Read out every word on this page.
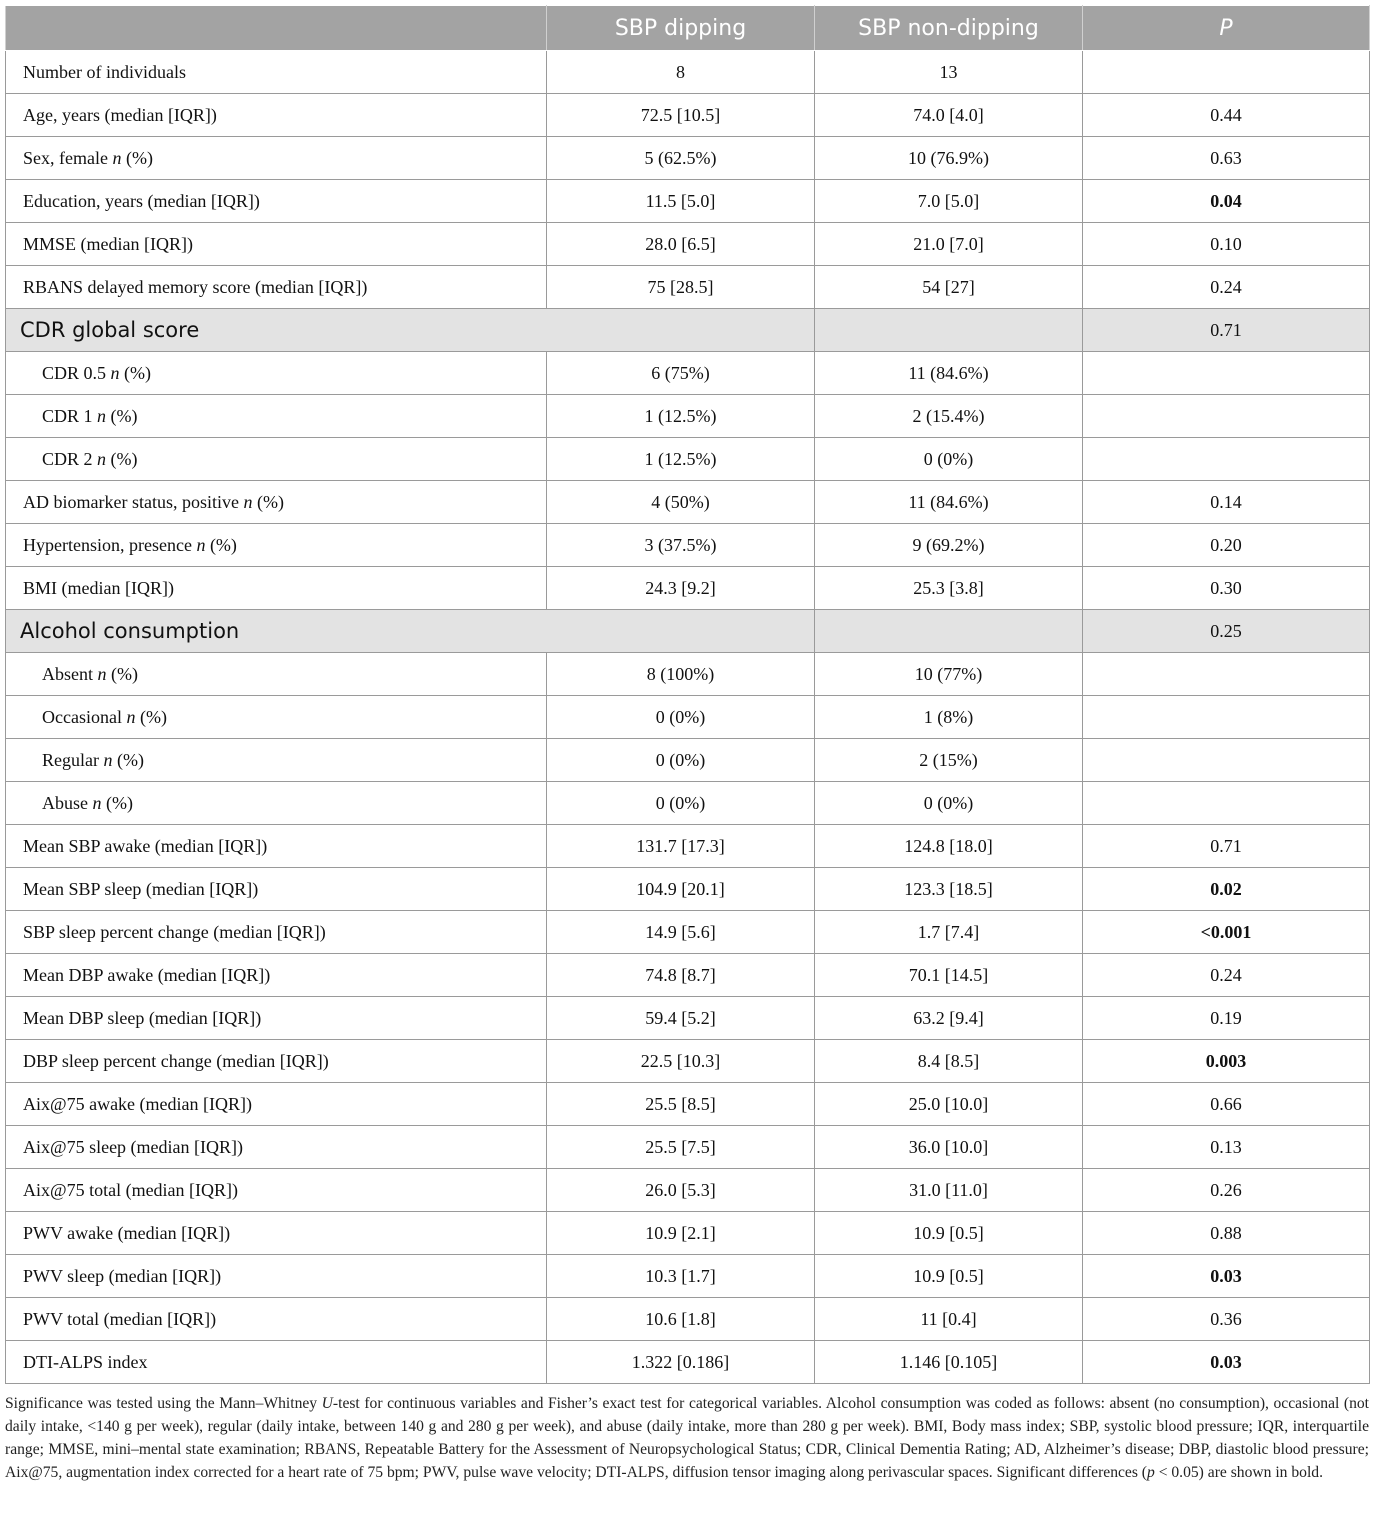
	SBP dipping	SBP non-dipping	P
Number of individuals	8	13	
Age, years (median [IQR])	72.5 [10.5]	74.0 [4.0]	0.44
Sex, female n (%)	5 (62.5%)	10 (76.9%)	0.63
Education, years (median [IQR])	11.5 [5.0]	7.0 [5.0]	0.04
MMSE (median [IQR])	28.0 [6.5]	21.0 [7.0]	0.10
RBANS delayed memory score (median [IQR])	75 [28.5]	54 [27]	0.24
CDR global score			0.71
CDR 0.5 n (%)	6 (75%)	11 (84.6%)	
CDR 1 n (%)	1 (12.5%)	2 (15.4%)	
CDR 2 n (%)	1 (12.5%)	0 (0%)	
AD biomarker status, positive n (%)	4 (50%)	11 (84.6%)	0.14
Hypertension, presence n (%)	3 (37.5%)	9 (69.2%)	0.20
BMI (median [IQR])	24.3 [9.2]	25.3 [3.8]	0.30
Alcohol consumption			0.25
Absent n (%)	8 (100%)	10 (77%)	
Occasional n (%)	0 (0%)	1 (8%)	
Regular n (%)	0 (0%)	2 (15%)	
Abuse n (%)	0 (0%)	0 (0%)	
Mean SBP awake (median [IQR])	131.7 [17.3]	124.8 [18.0]	0.71
Mean SBP sleep (median [IQR])	104.9 [20.1]	123.3 [18.5]	0.02
SBP sleep percent change (median [IQR])	14.9 [5.6]	1.7 [7.4]	<0.001
Mean DBP awake (median [IQR])	74.8 [8.7]	70.1 [14.5]	0.24
Mean DBP sleep (median [IQR])	59.4 [5.2]	63.2 [9.4]	0.19
DBP sleep percent change (median [IQR])	22.5 [10.3]	8.4 [8.5]	0.003
Aix@75 awake (median [IQR])	25.5 [8.5]	25.0 [10.0]	0.66
Aix@75 sleep (median [IQR])	25.5 [7.5]	36.0 [10.0]	0.13
Aix@75 total (median [IQR])	26.0 [5.3]	31.0 [11.0]	0.26
PWV awake (median [IQR])	10.9 [2.1]	10.9 [0.5]	0.88
PWV sleep (median [IQR])	10.3 [1.7]	10.9 [0.5]	0.03
PWV total (median [IQR])	10.6 [1.8]	11 [0.4]	0.36
DTI-ALPS index	1.322 [0.186]	1.146 [0.105]	0.03

Significance was tested using the Mann–Whitney U-test for continuous variables and Fisher’s exact test for categorical variables. Alcohol consumption was coded as follows: absent (no consumption), occasional (not daily intake, <140 g per week), regular (daily intake, between 140 g and 280 g per week), and abuse (daily intake, more than 280 g per week). BMI, Body mass index; SBP, systolic blood pressure; IQR, interquartile range; MMSE, mini–mental state examination; RBANS, Repeatable Battery for the Assessment of Neuropsychological Status; CDR, Clinical Dementia Rating; AD, Alzheimer’s disease; DBP, diastolic blood pressure; Aix@75, augmentation index corrected for a heart rate of 75 bpm; PWV, pulse wave velocity; DTI-ALPS, diffusion tensor imaging along perivascular spaces. Significant differences (p < 0.05) are shown in bold.
